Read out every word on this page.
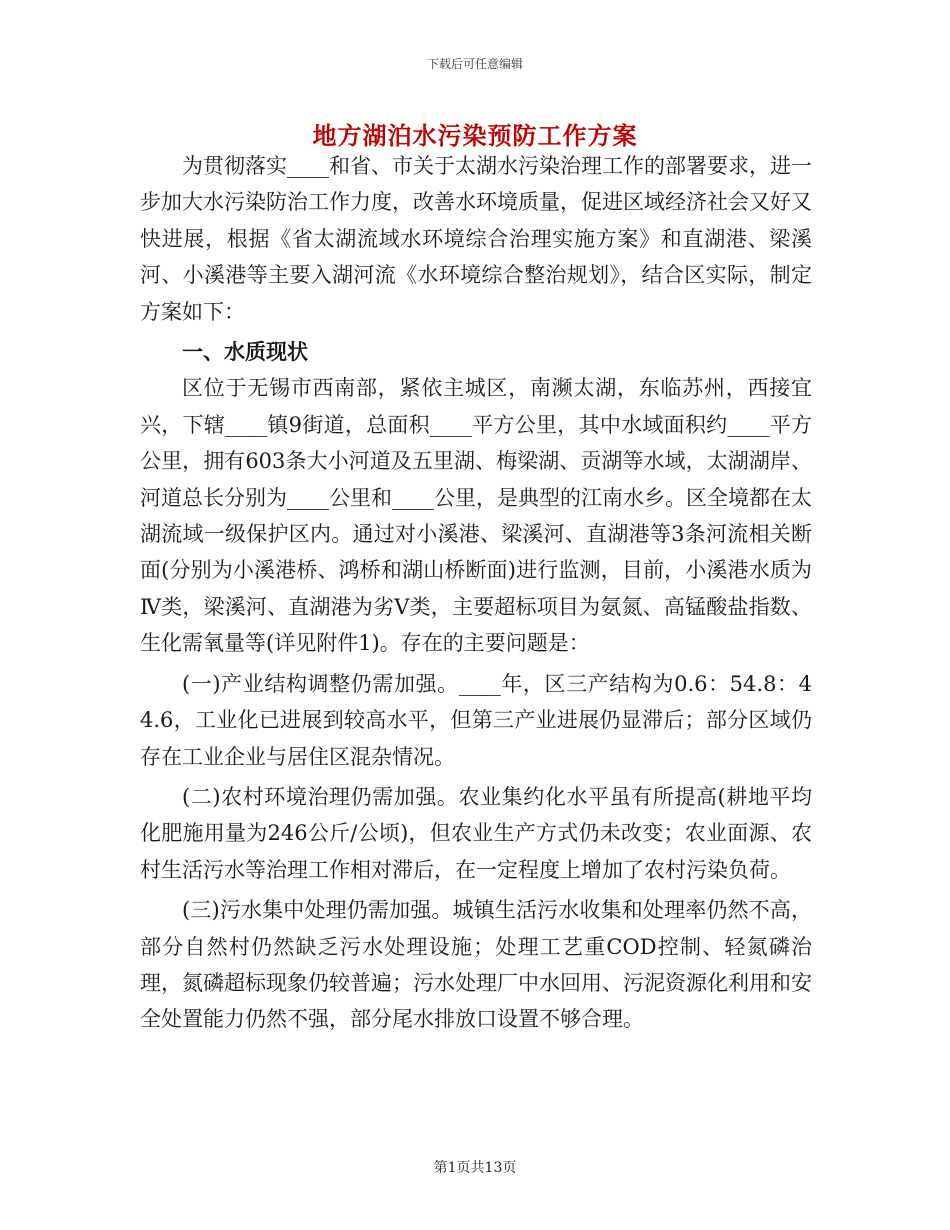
下载后可任意编辑
地方湖泊水污染预防工作方案

为贯彻落实____和省、市关于太湖水污染治理工作的部署要求，进一步加大水污染防治工作力度，改善水环境质量，促进区域经济社会又好又快进展，根据《省太湖流域水环境综合治理实施方案》和直湖港、梁溪河、小溪港等主要入湖河流《水环境综合整治规划》，结合区实际，制定方案如下：

一、水质现状

区位于无锡市西南部，紧依主城区，南濒太湖，东临苏州，西接宜兴，下辖____镇9街道，总面积____平方公里，其中水域面积约____平方公里，拥有603条大小河道及五里湖、梅梁湖、贡湖等水域，太湖湖岸、河道总长分别为____公里和____公里，是典型的江南水乡。区全境都在太湖流域一级保护区内。通过对小溪港、梁溪河、直湖港等3条河流相关断面(分别为小溪港桥、鸿桥和湖山桥断面)进行监测，目前，小溪港水质为Ⅳ类，梁溪河、直湖港为劣Ⅴ类，主要超标项目为氨氮、高锰酸盐指数、生化需氧量等(详见附件1)。存在的主要问题是：

(一)产业结构调整仍需加强。____年，区三产结构为0.6：54.8：44.6，工业化已进展到较高水平，但第三产业进展仍显滞后；部分区域仍存在工业企业与居住区混杂情况。

(二)农村环境治理仍需加强。农业集约化水平虽有所提高(耕地平均化肥施用量为246公斤/公顷)，但农业生产方式仍未改变；农业面源、农村生活污水等治理工作相对滞后，在一定程度上增加了农村污染负荷。

(三)污水集中处理仍需加强。城镇生活污水收集和处理率仍然不高，部分自然村仍然缺乏污水处理设施；处理工艺重COD控制、轻氮磷治理，氮磷超标现象仍较普遍；污水处理厂中水回用、污泥资源化利用和安全处置能力仍然不强，部分尾水排放口设置不够合理。

第1页共13页
